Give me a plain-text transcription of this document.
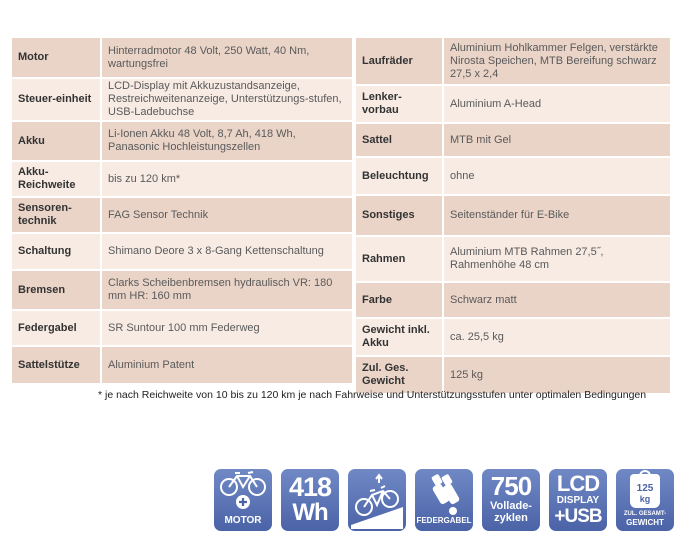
Motor	Hinterradmotor 48 Volt, 250 Watt, 40 Nm, wartungsfrei
Steuer-einheit	LCD-Display mit Akkuzustandsanzeige, Restreichweitenanzeige, Unterstützungs-stufen, USB-Ladebuchse
Akku	Li-Ionen Akku 48 Volt, 8,7 Ah, 418 Wh, Panasonic Hochleistungszellen
Akku-Reichweite	bis zu 120 km*
Sensoren-technik	FAG Sensor Technik
Schaltung	Shimano Deore 3 x 8-Gang Kettenschaltung
Bremsen	Clarks Scheibenbremsen hydraulisch VR: 180 mm HR: 160 mm
Federgabel	SR Suntour 100 mm Federweg
Sattelstütze	Aluminium Patent
Laufräder	Aluminium Hohlkammer Felgen, verstärkte Nirosta Speichen, MTB Bereifung schwarz 27,5 x 2,4
Lenker-vorbau	Aluminium A-Head
Sattel	MTB mit Gel
Beleuchtung	ohne
Sonstiges	Seitenständer für E-Bike
Rahmen	Aluminium MTB Rahmen 27,5˝, Rahmenhöhe 48 cm
Farbe	Schwarz matt
Gewicht inkl. Akku	ca. 25,5 kg
Zul. Ges. Gewicht	125 kg
* je nach Reichweite von 10 bis zu 120 km je nach Fahrweise und Unterstützungsstufen unter optimalen Bedingungen
MOTOR
418
Wh	FEDERGABEL
750
Vollade-
zyklen
LCD
DISPLAY
+USB
125
kg
ZUL. GESAMT-
GEWICHT
